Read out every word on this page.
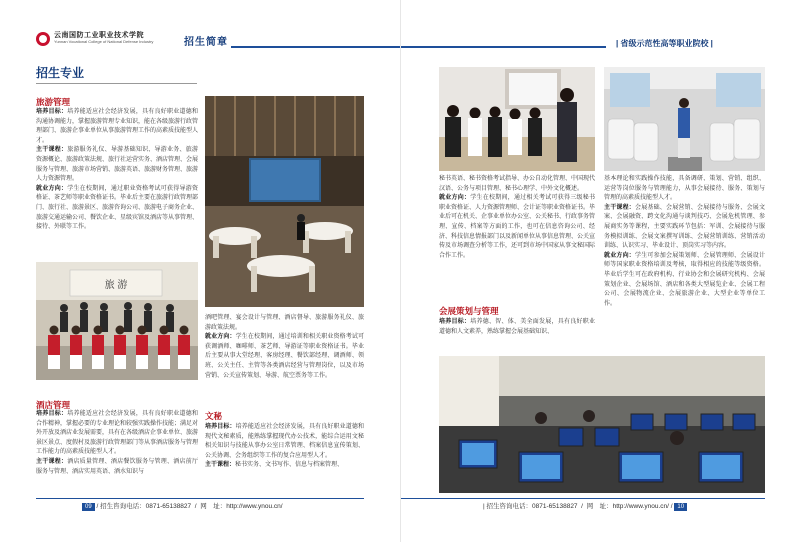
云南国防工业职业技术学院
Yunnan Vocational College of National Defense Industry	招生简章
招生专业
旅游管理
培养目标：培养能适应社会经济发展，具有良好职业道德和沟通协调能力，掌握旅游管理专业知识，能在各级旅游行政管理部门、旅游企事业单位从事旅游管理工作的高素质技能型人才。
主干课程：旅游服务礼仪、导游基础知识、导游业务、旅游资源概论、旅游政策法规、旅行社运营实务、酒店管理、会展服务与管理、旅游市场营销、旅游英语、旅游财务管理、旅游人力资源管理。
就业方向：学生在校期间，通过职业资格考试可获得导游资格证、茶艺师等职业资格证书。毕业后主要在旅游行政管理部门、旅行社、旅游景区、旅游咨询公司、旅游电子商务企业、旅游交通运输公司、餐饮企业、星级宾馆及酒店等从事管理、接待、外联等工作。
旅 游
酒店管理
培养目标：培养能适应社会经济发展，具有良好职业道德和合作精神，掌握必要的专业理论和较强实践操作技能；满足对外开放及酒店业发展需要，具有在各级酒店企事业单位、旅游景区景点、度假村及旅游行政管理部门等从事酒店服务与管理工作能力的高素质技能型人才。
主干课程：酒店质量管理、酒店餐饮服务与管理、酒店前厅服务与管理、酒店实用英语、酒水知识与
酒吧管理、宴会设计与管理、酒店督导、旅游服务礼仪、旅游政策法规。
就业方向：学生在校期间，通过培训和相关职业资格考试可获调酒师、咖啡师、茶艺师、导游证等职业资格证书。毕业后主要从事大堂经理、客房经理、餐饮部经理、调酒师、领班、公关主任、主管等各类酒店经营与管理岗位，以及市场营销、公关宣传策划、导游、航空票务等工作。
文秘
培养目标：培养能适应社会经济发展，具有良好职业道德和现代文秘素质，能熟练掌握现代办公技术，能综合运用文秘相关知识与技能从事办公室日常管理、档案信息宣传策划、公关协调、会务组织等工作的复合应用型人才。
主干课程：秘书实务、文书写作、信息与档案管理、
09 / 招生咨询电话：0871-65138827  /  网　址：http://www.ynou.cn/
| 省级示范性高等职业院校 |
秘书英语、秘书资格考试指导、办公自动化管理、中国现代汉语、公务与项目管理、秘书心理学、中外文化概述。
就业方向：学生在校期间，通过相关考试可获得三级秘书职业资格证、人力资源管理师、会计证等职业资格证书。毕业后可在机关、企事业单位办公室、公关秘书、行政事务管理、宣传、档案等方面的工作，也可在信息咨询公司、经济、科技信息情报部门以及新闻单位从事信息管理、公关宣传及市场调查分析等工作，还可到市场中国家从事文秘国际合作工作。
会展策划与管理
培养目标：培养德、智、体、美全面发展，具有良好职业道德和人文素养，熟练掌握会展基础知识、
基本理论和实践操作技能，具备调研、策划、营销、组织、运营等岗位服务与管理能力，从事会展接待、服务、策划与管理的高素质技能型人才。
主干课程：会展基础、会展营销、会展接待与服务、会展文案、会展融资、跨文化沟通与谈判技巧、会展危机管理、参展商实务等课程，主要实践环节包括：军训、会展接待与服务模拟训练、会展文案撰写训练、会展营销训练、营销活动训练、认识实习、毕业设计、顶岗实习等内容。
就业方向：学生可参加会展策划师、会展管理师、会展设计师等国家职业资格培训及考核，取得相应的技能等级资格。毕业后学生可在政府机构、行业协会和会展研究机构、会展策划企业、会展场馆、酒店和各类大型展览企业、会展工程公司、会展物流企业、会展旅游企业、大型企业等单位工作。
| 招生咨询电话：0871-65138827  /  网　址：http://www.ynou.cn/ / 10
